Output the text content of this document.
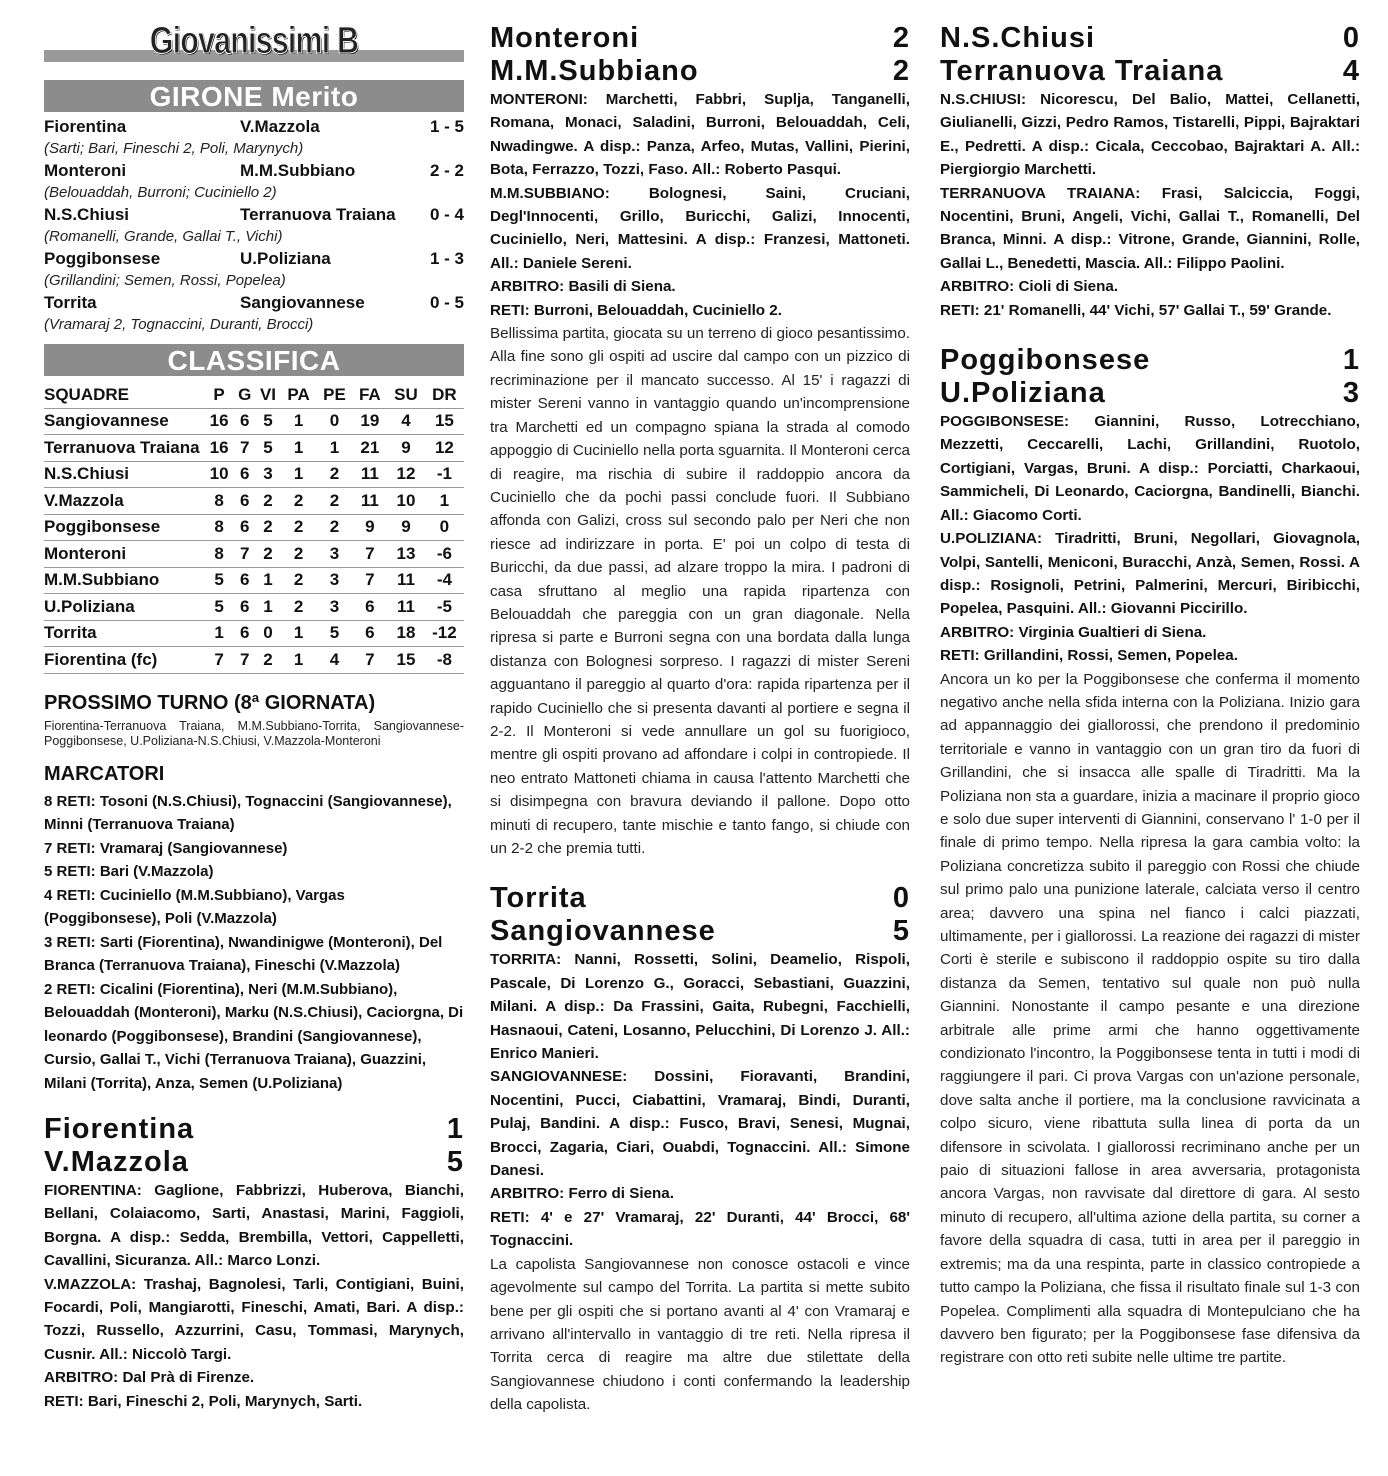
Giovanissimi B
GIRONE Merito
Fiorentina	V.Mazzola	1 - 5
(Sarti; Bari, Fineschi 2, Poli, Marynych)
Monteroni	M.M.Subbiano	2 - 2
(Belouaddah, Burroni; Cuciniello 2)
N.S.Chiusi	Terranuova Traiana	0 - 4
(Romanelli, Grande, Gallai T., Vichi)
Poggibonsese	U.Poliziana	1 - 3
(Grillandini; Semen, Rossi, Popelea)
Torrita	Sangiovannese	0 - 5
(Vramaraj 2, Tognaccini, Duranti, Brocci)
CLASSIFICA
SQUADRE	P	G	VI	PA	PE	FA	SU	DR
Sangiovannese	16	6	5	1	0	19	4	15
Terranuova Traiana	16	7	5	1	1	21	9	12
N.S.Chiusi	10	6	3	1	2	11	12	-1
V.Mazzola	8	6	2	2	2	11	10	1
Poggibonsese	8	6	2	2	2	9	9	0
Monteroni	8	7	2	2	3	7	13	-6
M.M.Subbiano	5	6	1	2	3	7	11	-4
U.Poliziana	5	6	1	2	3	6	11	-5
Torrita	1	6	0	1	5	6	18	-12
Fiorentina (fc)	7	7	2	1	4	7	15	-8
PROSSIMO TURNO (8ª GIORNATA)
Fiorentina-Terranuova Traiana, M.M.Subbiano-Torrita, Sangiovannese-Poggibonsese, U.Poliziana-N.S.Chiusi, V.Mazzola-Monteroni
MARCATORI
8 RETI: Tosoni (N.S.Chiusi), Tognaccini (Sangiovannese), Minni (Terranuova Traiana)
7 RETI: Vramaraj (Sangiovannese)
5 RETI: Bari (V.Mazzola)
4 RETI: Cuciniello (M.M.Subbiano), Vargas (Poggibonsese), Poli (V.Mazzola)
3 RETI: Sarti (Fiorentina), Nwandinigwe (Monteroni), Del Branca (Terranuova Traiana), Fineschi (V.Mazzola)
2 RETI: Cicalini (Fiorentina), Neri (M.M.Subbiano), Belouaddah (Monteroni), Marku (N.S.Chiusi), Caciorgna, Di leonardo (Poggibonsese), Brandini (Sangiovannese), Cursio, Gallai T., Vichi (Terranuova Traiana), Guazzini, Milani (Torrita), Anza, Semen (U.Poliziana)
Fiorentina	1
V.Mazzola	5
FIORENTINA: Gaglione, Fabbrizzi, Huberova, Bianchi, Bellani, Colaiacomo, Sarti, Anastasi, Marini, Faggioli, Borgna. A disp.: Sedda, Brembilla, Vettori, Cappelletti, Cavallini, Sicuranza. All.: Marco Lonzi.
V.MAZZOLA: Trashaj, Bagnolesi, Tarli, Contigiani, Buini, Focardi, Poli, Mangiarotti, Fineschi, Amati, Bari. A disp.: Tozzi, Russello, Azzurrini, Casu, Tommasi, Marynych, Cusnir. All.: Niccolò Targi.
ARBITRO: Dal Prà di Firenze.
RETI: Bari, Fineschi 2, Poli, Marynych, Sarti.
Monteroni	2
M.M.Subbiano	2
MONTERONI: Marchetti, Fabbri, Suplja, Tanganelli, Romana, Monaci, Saladini, Burroni, Belouaddah, Celi, Nwadingwe. A disp.: Panza, Arfeo, Mutas, Vallini, Pierini, Bota, Ferrazzo, Tozzi, Faso. All.: Roberto Pasqui.
M.M.SUBBIANO: Bolognesi, Saini, Cruciani, Degl'Innocenti, Grillo, Buricchi, Galizi, Innocenti, Cuciniello, Neri, Mattesini. A disp.: Franzesi, Mattoneti. All.: Daniele Sereni.
ARBITRO: Basili di Siena.
RETI: Burroni, Belouaddah, Cuciniello 2.
Bellissima partita, giocata su un terreno di gioco pesantissimo. Alla fine sono gli ospiti ad uscire dal campo con un pizzico di recriminazione per il mancato successo. Al 15' i ragazzi di mister Sereni vanno in vantaggio quando un'incomprensione tra Marchetti ed un compagno spiana la strada al comodo appoggio di Cuciniello nella porta sguarnita. Il Monteroni cerca di reagire, ma rischia di subire il raddoppio ancora da Cuciniello che da pochi passi conclude fuori. Il Subbiano affonda con Galizi, cross sul secondo palo per Neri che non riesce ad indirizzare in porta. E' poi un colpo di testa di Buricchi, da due passi, ad alzare troppo la mira. I padroni di casa sfruttano al meglio una rapida ripartenza con Belouaddah che pareggia con un gran diagonale. Nella ripresa si parte e Burroni segna con una bordata dalla lunga distanza con Bolognesi sorpreso. I ragazzi di mister Sereni agguantano il pareggio al quarto d'ora: rapida ripartenza per il rapido Cuciniello che si presenta davanti al portiere e segna il 2-2. Il Monteroni si vede annullare un gol su fuorigioco, mentre gli ospiti provano ad affondare i colpi in contropiede. Il neo entrato Mattoneti chiama in causa l'attento Marchetti che si disimpegna con bravura deviando il pallone. Dopo otto minuti di recupero, tante mischie e tanto fango, si chiude con un 2-2 che premia tutti.
Torrita	0
Sangiovannese	5
TORRITA: Nanni, Rossetti, Solini, Deamelio, Rispoli, Pascale, Di Lorenzo G., Goracci, Sebastiani, Guazzini, Milani. A disp.: Da Frassini, Gaita, Rubegni, Facchielli, Hasnaoui, Cateni, Losanno, Pelucchini, Di Lorenzo J. All.: Enrico Manieri.
SANGIOVANNESE: Dossini, Fioravanti, Brandini, Nocentini, Pucci, Ciabattini, Vramaraj, Bindi, Duranti, Pulaj, Bandini. A disp.: Fusco, Bravi, Senesi, Mugnai, Brocci, Zagaria, Ciari, Ouabdi, Tognaccini. All.: Simone Danesi.
ARBITRO: Ferro di Siena.
RETI: 4' e 27' Vramaraj, 22' Duranti, 44' Brocci, 68' Tognaccini.
La capolista Sangiovannese non conosce ostacoli e vince agevolmente sul campo del Torrita. La partita si mette subito bene per gli ospiti che si portano avanti al 4' con Vramaraj e arrivano all'intervallo in vantaggio di tre reti. Nella ripresa il Torrita cerca di reagire ma altre due stilettate della Sangiovannese chiudono i conti confermando la leadership della capolista.
N.S.Chiusi	0
Terranuova Traiana	4
N.S.CHIUSI: Nicorescu, Del Balio, Mattei, Cellanetti, Giulianelli, Gizzi, Pedro Ramos, Tistarelli, Pippi, Bajraktari E., Pedretti. A disp.: Cicala, Ceccobao, Bajraktari A. All.: Piergiorgio Marchetti.
TERRANUOVA TRAIANA: Frasi, Salciccia, Foggi, Nocentini, Bruni, Angeli, Vichi, Gallai T., Romanelli, Del Branca, Minni. A disp.: Vitrone, Grande, Giannini, Rolle, Gallai L., Benedetti, Mascia. All.: Filippo Paolini.
ARBITRO: Cioli di Siena.
RETI: 21' Romanelli, 44' Vichi, 57' Gallai T., 59' Grande.
Poggibonsese	1
U.Poliziana	3
POGGIBONSESE: Giannini, Russo, Lotrecchiano, Mezzetti, Ceccarelli, Lachi, Grillandini, Ruotolo, Cortigiani, Vargas, Bruni. A disp.: Porciatti, Charkaoui, Sammicheli, Di Leonardo, Caciorgna, Bandinelli, Bianchi. All.: Giacomo Corti.
U.POLIZIANA: Tiradritti, Bruni, Negollari, Giovagnola, Volpi, Santelli, Meniconi, Buracchi, Anzà, Semen, Rossi. A disp.: Rosignoli, Petrini, Palmerini, Mercuri, Biribicchi, Popelea, Pasquini. All.: Giovanni Piccirillo.
ARBITRO: Virginia Gualtieri di Siena.
RETI: Grillandini, Rossi, Semen, Popelea.
Ancora un ko per la Poggibonsese che conferma il momento negativo anche nella sfida interna con la Poliziana. Inizio gara ad appannaggio dei giallorossi, che prendono il predominio territoriale e vanno in vantaggio con un gran tiro da fuori di Grillandini, che si insacca alle spalle di Tiradritti. Ma la Poliziana non sta a guardare, inizia a macinare il proprio gioco e solo due super interventi di Giannini, conservano l' 1-0 per il finale di primo tempo. Nella ripresa la gara cambia volto: la Poliziana concretizza subito il pareggio con Rossi che chiude sul primo palo una punizione laterale, calciata verso il centro area; davvero una spina nel fianco i calci piazzati, ultimamente, per i giallorossi. La reazione dei ragazzi di mister Corti è sterile e subiscono il raddoppio ospite su tiro dalla distanza da Semen, tentativo sul quale non può nulla Giannini. Nonostante il campo pesante e una direzione arbitrale alle prime armi che hanno oggettivamente condizionato l'incontro, la Poggibonsese tenta in tutti i modi di raggiungere il pari. Ci prova Vargas con un'azione personale, dove salta anche il portiere, ma la conclusione ravvicinata a colpo sicuro, viene ribattuta sulla linea di porta da un difensore in scivolata. I giallorossi recriminano anche per un paio di situazioni fallose in area avversaria, protagonista ancora Vargas, non ravvisate dal direttore di gara. Al sesto minuto di recupero, all'ultima azione della partita, su corner a favore della squadra di casa, tutti in area per il pareggio in extremis; ma da una respinta, parte in classico contropiede a tutto campo la Poliziana, che fissa il risultato finale sul 1-3 con Popelea. Complimenti alla squadra di Montepulciano che ha davvero ben figurato; per la Poggibonsese fase difensiva da registrare con otto reti subite nelle ultime tre partite.
